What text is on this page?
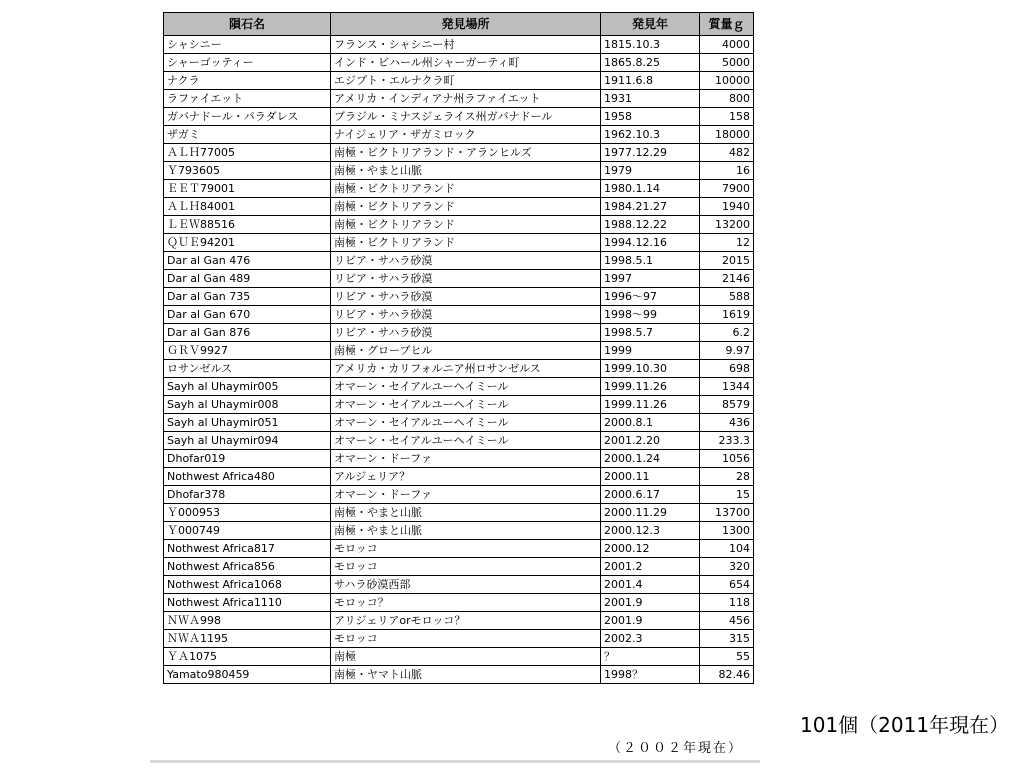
隕石名	発見場所	発見年	質量ｇ
シャシニー	フランス・シャシニー村	1815.10.3	4000
シャーゴッティー	インド・ビハール州シャーガーティ町	1865.8.25	5000
ナクラ	エジプト・エルナクラ町	1911.6.8	10000
ラファイエット	アメリカ・インディアナ州ラファイエット	1931	800
ガバナドール・パラダレス	ブラジル・ミナスジェライス州ガバナドール	1958	158
ザガミ	ナイジェリア・ザガミロック	1962.10.3	18000
ＡＬＨ77005	南極・ビクトリアランド・アランヒルズ	1977.12.29	482
Ｙ793605	南極・やまと山脈	1979	16
ＥＥＴ79001	南極・ビクトリアランド	1980.1.14	7900
ＡＬＨ84001	南極・ビクトリアランド	1984.21.27	1940
ＬＥＷ88516	南極・ビクトリアランド	1988.12.22	13200
ＱＵＥ94201	南極・ビクトリアランド	1994.12.16	12
Dar al Gan 476	リビア・サハラ砂漠	1998.5.1	2015
Dar al Gan 489	リビア・サハラ砂漠	1997	2146
Dar al Gan 735	リビア・サハラ砂漠	1996～97	588
Dar al Gan 670	リビア・サハラ砂漠	1998～99	1619
Dar al Gan 876	リビア・サハラ砂漠	1998.5.7	6.2
ＧＲＶ9927	南極・グローブヒル	1999	9.97
ロサンゼルス	アメリカ・カリフォルニア州ロサンゼルス	1999.10.30	698
Sayh al Uhaymir005	オマーン・セイアルユーヘイミール	1999.11.26	1344
Sayh al Uhaymir008	オマーン・セイアルユーヘイミール	1999.11.26	8579
Sayh al Uhaymir051	オマーン・セイアルユーヘイミール	2000.8.1	436
Sayh al Uhaymir094	オマーン・セイアルユーヘイミール	2001.2.20	233.3
Dhofar019	オマーン・ドーファ	2000.1.24	1056
Nothwest Africa480	アルジェリア？	2000.11	28
Dhofar378	オマーン・ドーファ	2000.6.17	15
Ｙ000953	南極・やまと山脈	2000.11.29	13700
Ｙ000749	南極・やまと山脈	2000.12.3	1300
Nothwest Africa817	モロッコ	2000.12	104
Nothwest Africa856	モロッコ	2001.2	320
Nothwest Africa1068	サハラ砂漠西部	2001.4	654
Nothwest Africa1110	モロッコ？	2001.9	118
ＮＷＡ998	アリジェリアorモロッコ？	2001.9	456
ＮＷＡ1195	モロッコ	2002.3	315
ＹＡ1075	南極	？	55
Yamato980459	南極・ヤマト山脈	1998？	82.46
（２００２年現在）
101個（2011年現在）
